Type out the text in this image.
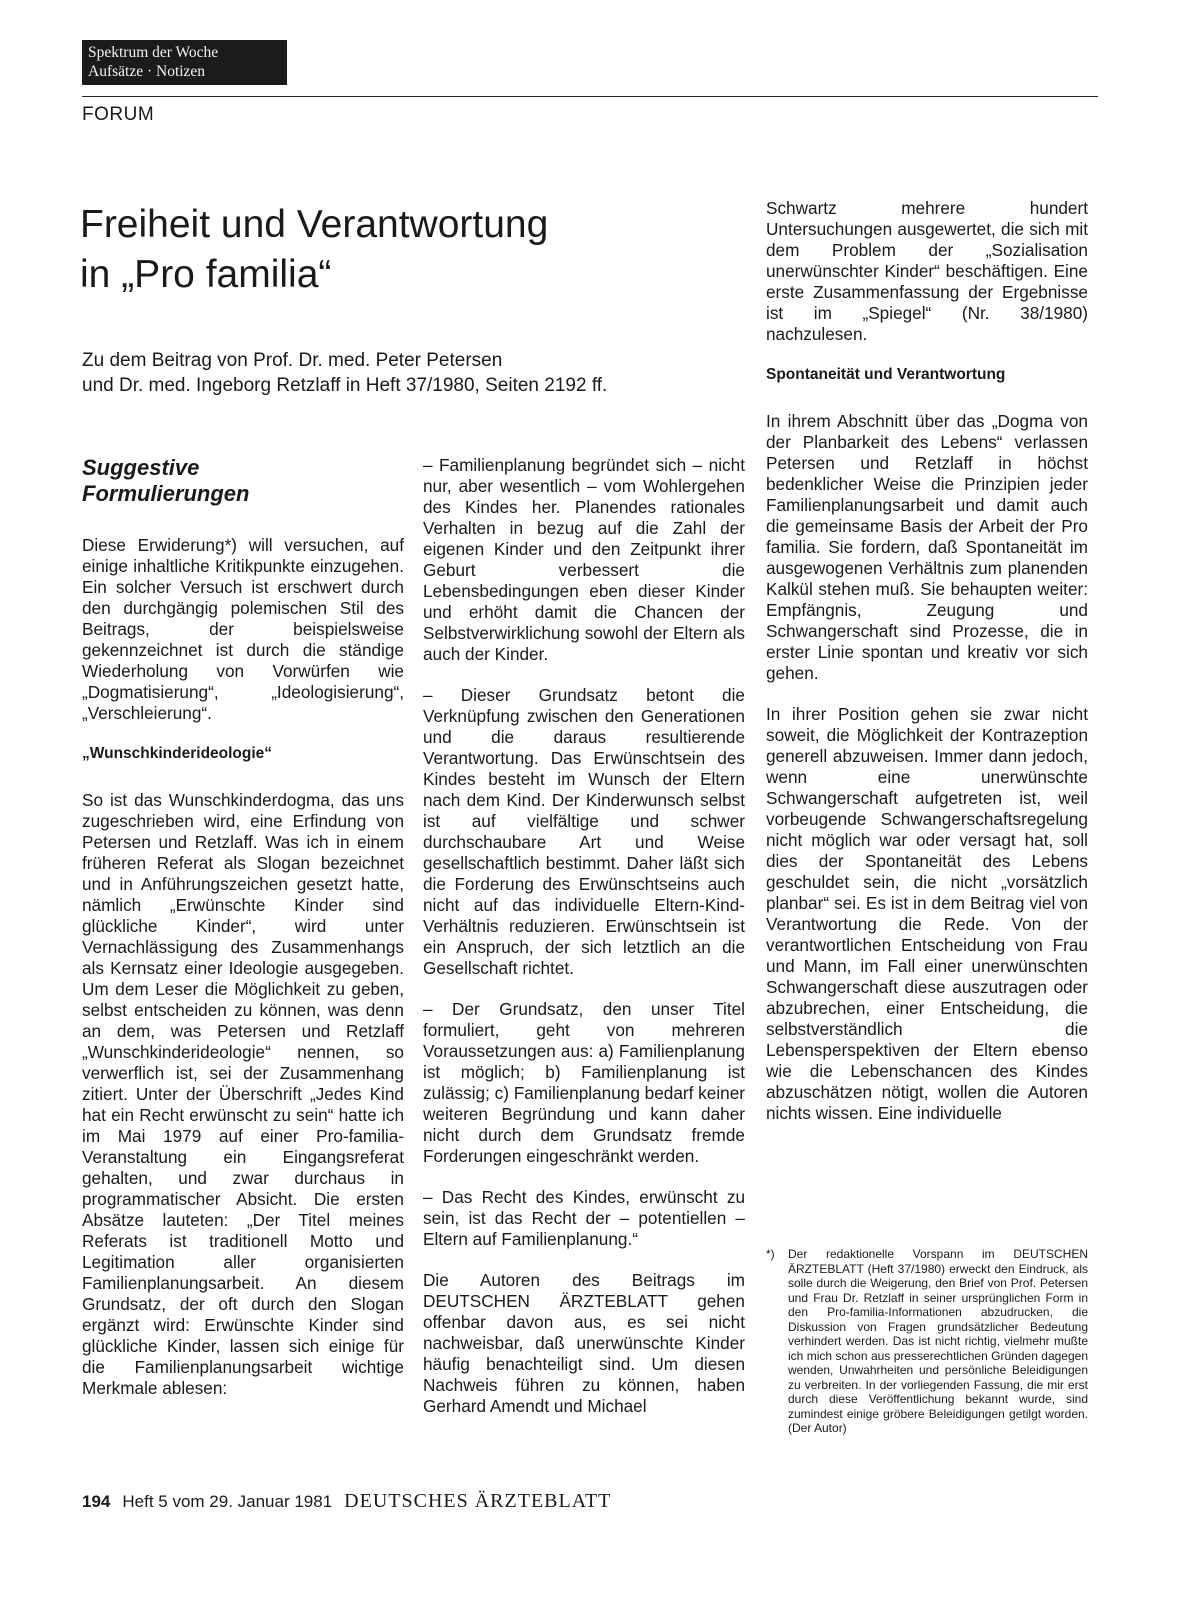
Spektrum der Woche
Aufsätze · Notizen
FORUM
Freiheit und Verantwortung
in „Pro familia“
Zu dem Beitrag von Prof. Dr. med. Peter Petersen
und Dr. med. Ingeborg Retzlaff in Heft 37/1980, Seiten 2192 ff.
Suggestive
Formulierungen

Diese Erwiderung*) will versuchen, auf einige inhaltliche Kritikpunkte einzugehen. Ein solcher Versuch ist erschwert durch den durchgängig polemischen Stil des Beitrags, der beispielsweise gekennzeichnet ist durch die ständige Wiederholung von Vorwürfen wie „Dogmatisierung“, „Ideologisierung“, „Verschleierung“.

„Wunschkinderideologie“

So ist das Wunschkinderdogma, das uns zugeschrieben wird, eine Erfindung von Petersen und Retzlaff. Was ich in einem früheren Referat als Slogan bezeichnet und in Anführungszeichen gesetzt hatte, nämlich „Erwünschte Kinder sind glückliche Kinder“, wird unter Vernachlässigung des Zusammenhangs als Kernsatz einer Ideologie ausgegeben. Um dem Leser die Möglichkeit zu geben, selbst entscheiden zu können, was denn an dem, was Petersen und Retzlaff „Wunschkinderideologie“ nennen, so verwerflich ist, sei der Zusammenhang zitiert. Unter der Überschrift „Jedes Kind hat ein Recht erwünscht zu sein“ hatte ich im Mai 1979 auf einer Pro-familia-Veranstaltung ein Eingangsreferat gehalten, und zwar durchaus in programmatischer Absicht. Die ersten Absätze lauteten: „Der Titel meines Referats ist traditionell Motto und Legitimation aller organisierten Familienplanungsarbeit. An diesem Grundsatz, der oft durch den Slogan ergänzt wird: Erwünschte Kinder sind glückliche Kinder, lassen sich einige für die Familienplanungsarbeit wichtige Merkmale ablesen:

– Familienplanung begründet sich – nicht nur, aber wesentlich – vom Wohlergehen des Kindes her. Planendes rationales Verhalten in bezug auf die Zahl der eigenen Kinder und den Zeitpunkt ihrer Geburt verbessert die Lebensbedingungen eben dieser Kinder und erhöht damit die Chancen der Selbstverwirklichung sowohl der Eltern als auch der Kinder.

– Dieser Grundsatz betont die Verknüpfung zwischen den Generationen und die daraus resultierende Verantwortung. Das Erwünschtsein des Kindes besteht im Wunsch der Eltern nach dem Kind. Der Kinderwunsch selbst ist auf vielfältige und schwer durchschaubare Art und Weise gesellschaftlich bestimmt. Daher läßt sich die Forderung des Erwünschtseins auch nicht auf das individuelle Eltern-Kind-Verhältnis reduzieren. Erwünschtsein ist ein Anspruch, der sich letztlich an die Gesellschaft richtet.

– Der Grundsatz, den unser Titel formuliert, geht von mehreren Voraussetzungen aus: a) Familienplanung ist möglich; b) Familienplanung ist zulässig; c) Familienplanung bedarf keiner weiteren Begründung und kann daher nicht durch dem Grundsatz fremde Forderungen eingeschränkt werden.

– Das Recht des Kindes, erwünscht zu sein, ist das Recht der – potentiellen – Eltern auf Familienplanung.“

Die Autoren des Beitrags im DEUTSCHEN ÄRZTEBLATT gehen offenbar davon aus, es sei nicht nachweisbar, daß unerwünschte Kinder häufig benachteiligt sind. Um diesen Nachweis führen zu können, haben Gerhard Amendt und Michael

Schwartz mehrere hundert Untersuchungen ausgewertet, die sich mit dem Problem der „Sozialisation unerwünschter Kinder“ beschäftigen. Eine erste Zusammenfassung der Ergebnisse ist im „Spiegel“ (Nr. 38/1980) nachzulesen.

Spontaneität und Verantwortung

In ihrem Abschnitt über das „Dogma von der Planbarkeit des Lebens“ verlassen Petersen und Retzlaff in höchst bedenklicher Weise die Prinzipien jeder Familienplanungsarbeit und damit auch die gemeinsame Basis der Arbeit der Pro familia. Sie fordern, daß Spontaneität im ausgewogenen Verhältnis zum planenden Kalkül stehen muß. Sie behaupten weiter: Empfängnis, Zeugung und Schwangerschaft sind Prozesse, die in erster Linie spontan und kreativ vor sich gehen.

In ihrer Position gehen sie zwar nicht soweit, die Möglichkeit der Kontrazeption generell abzuweisen. Immer dann jedoch, wenn eine unerwünschte Schwangerschaft aufgetreten ist, weil vorbeugende Schwangerschaftsregelung nicht möglich war oder versagt hat, soll dies der Spontaneität des Lebens geschuldet sein, die nicht „vorsätzlich planbar“ sei. Es ist in dem Beitrag viel von Verantwortung die Rede. Von der verantwortlichen Entscheidung von Frau und Mann, im Fall einer unerwünschten Schwangerschaft diese auszutragen oder abzubrechen, einer Entscheidung, die selbstverständlich die Lebensperspektiven der Eltern ebenso wie die Lebenschancen des Kindes abzuschätzen nötigt, wollen die Autoren nichts wissen. Eine individuelle

*)	Der redaktionelle Vorspann im DEUTSCHEN ÄRZTEBLATT (Heft 37/1980) erweckt den Eindruck, als solle durch die Weigerung, den Brief von Prof. Petersen und Frau Dr. Retzlaff in seiner ursprünglichen Form in den Pro-familia-Informationen abzudrucken, die Diskussion von Fragen grundsätzlicher Bedeutung verhindert werden. Das ist nicht richtig, vielmehr mußte ich mich schon aus presserechtlichen Gründen dagegen wenden, Unwahrheiten und persönliche Beleidigungen zu verbreiten. In der vorliegenden Fassung, die mir erst durch diese Veröffentlichung bekannt wurde, sind zumindest einige gröbere Beleidigungen getilgt worden. (Der Autor)
194 Heft 5 vom 29. Januar 1981 DEUTSCHES ÄRZTEBLATT
